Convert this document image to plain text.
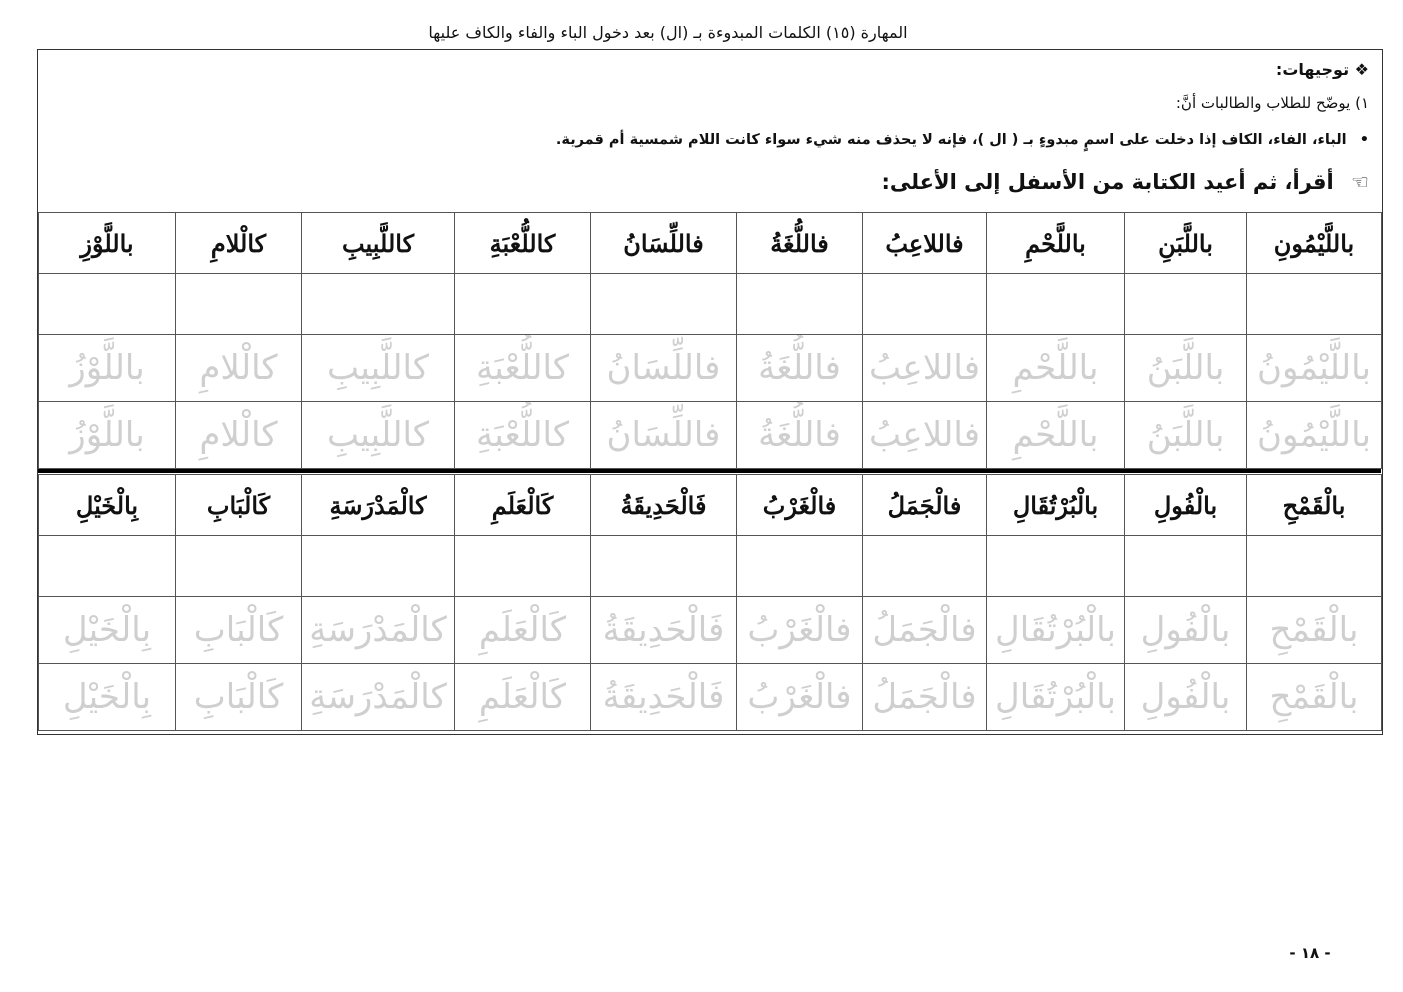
المهارة (١٥) الكلمات المبدوءة بـ (ال) بعد دخول الباء والفاء والكاف عليها
❖ توجيهات:
١) يوضّح للطلاب والطالبات أنَّ:
• الباء، الفاء، الكاف إذا دخلت على اسمٍ مبدوءٍ بـ ( ال )، فإنه لا يحذف منه شيء سواء كانت اللام شمسية أم قمرية.
☜ أقرأ، ثم أعيد الكتابة من الأسفل إلى الأعلى:
باللَّيْمُونِ	باللَّبَنِ	باللَّحْمِ	فاللاعِبُ	فاللُّغَةُ	فاللِّسَانُ	كاللُّعْبَةِ	كاللَّبِيبِ	كالْلامِ	باللَّوْزِ

باللَّيْمُونُ	باللَّبَنُ	باللَّحْمِ	فاللاعِبُ	فاللُّغَةُ	فاللِّسَانُ	كاللُّعْبَةِ	كاللَّبِيبِ	كالْلامِ	باللَّوْزُ
باللَّيْمُونُ	باللَّبَنُ	باللَّحْمِ	فاللاعِبُ	فاللُّغَةُ	فاللِّسَانُ	كاللُّعْبَةِ	كاللَّبِيبِ	كالْلامِ	باللَّوْزُ
بالْقَمْحِ	بالْفُولِ	بالْبُرْتُقَالِ	فالْجَمَلُ	فالْغَرْبُ	فَالْحَدِيقَةُ	كَالْعَلَمِ	كالْمَدْرَسَةِ	كَالْبَابِ	بِالْخَيْلِ

بالْقَمْحِ	بالْفُولِ	بالْبُرْتُقَالِ	فالْجَمَلُ	فالْغَرْبُ	فَالْحَدِيقَةُ	كَالْعَلَمِ	كالْمَدْرَسَةِ	كَالْبَابِ	بِالْخَيْلِ
بالْقَمْحِ	بالْفُولِ	بالْبُرْتُقَالِ	فالْجَمَلُ	فالْغَرْبُ	فَالْحَدِيقَةُ	كَالْعَلَمِ	كالْمَدْرَسَةِ	كَالْبَابِ	بِالْخَيْلِ
- ١٨ -
